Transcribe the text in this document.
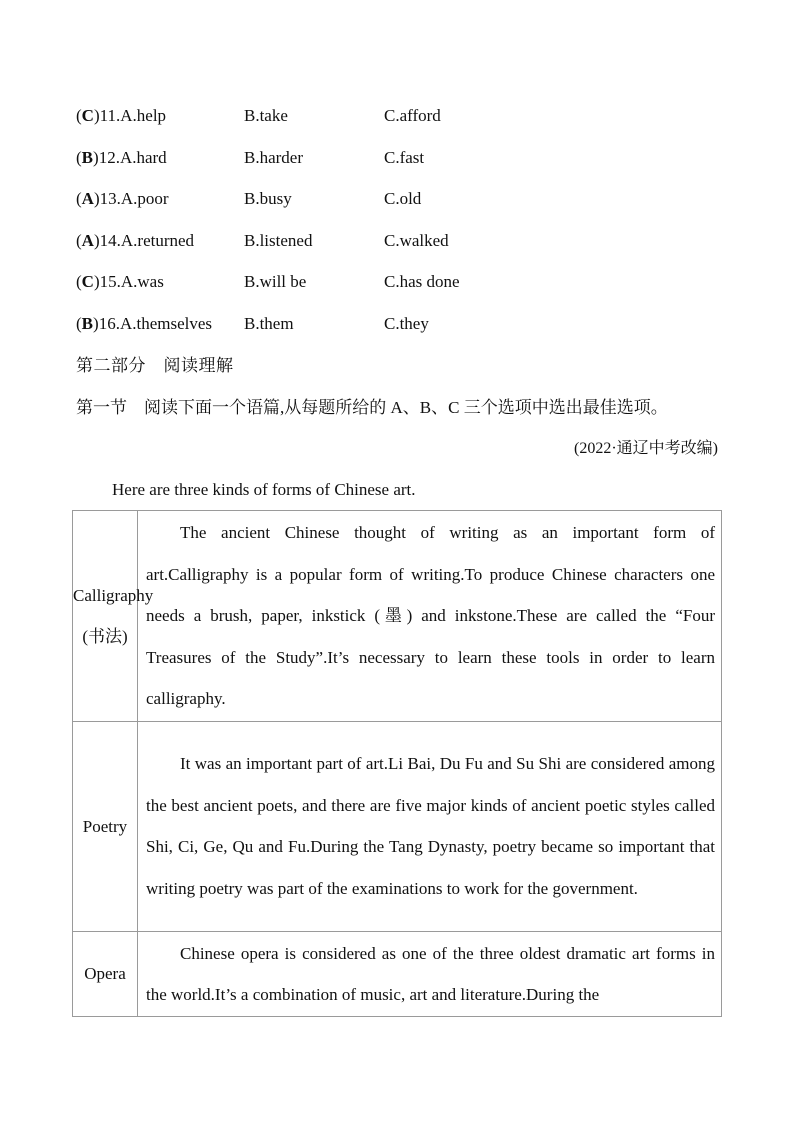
(C)11.A.help	B.take	C.afford
(B)12.A.hard	B.harder	C.fast
(A)13.A.poor	B.busy	C.old
(A)14.A.returned	B.listened	C.walked
(C)15.A.was	B.will be	C.has done
(B)16.A.themselves B.them	C.they
第二部分　阅读理解
第一节　阅读下面一个语篇,从每题所给的 A、B、C 三个选项中选出最佳选项。
(2022·通辽中考改编)
Here are three kinds of forms of Chinese art.
Calligraphy (书法)	The ancient Chinese thought of writing as an important form of art.Calligraphy is a popular form of writing.To produce Chinese characters one needs a brush, paper, inkstick (墨) and inkstone.These are called the “Four Treasures of the Study”.It’s necessary to learn these tools in order to learn calligraphy.
Poetry	It was an important part of art.Li Bai, Du Fu and Su Shi are considered among the best ancient poets, and there are five major kinds of ancient poetic styles called Shi, Ci, Ge, Qu and Fu.During the Tang Dynasty, poetry became so important that writing poetry was part of the examinations to work for the government.
Opera	Chinese opera is considered as one of the three oldest dramatic art forms in the world.It’s a combination of music, art and literature.During the
